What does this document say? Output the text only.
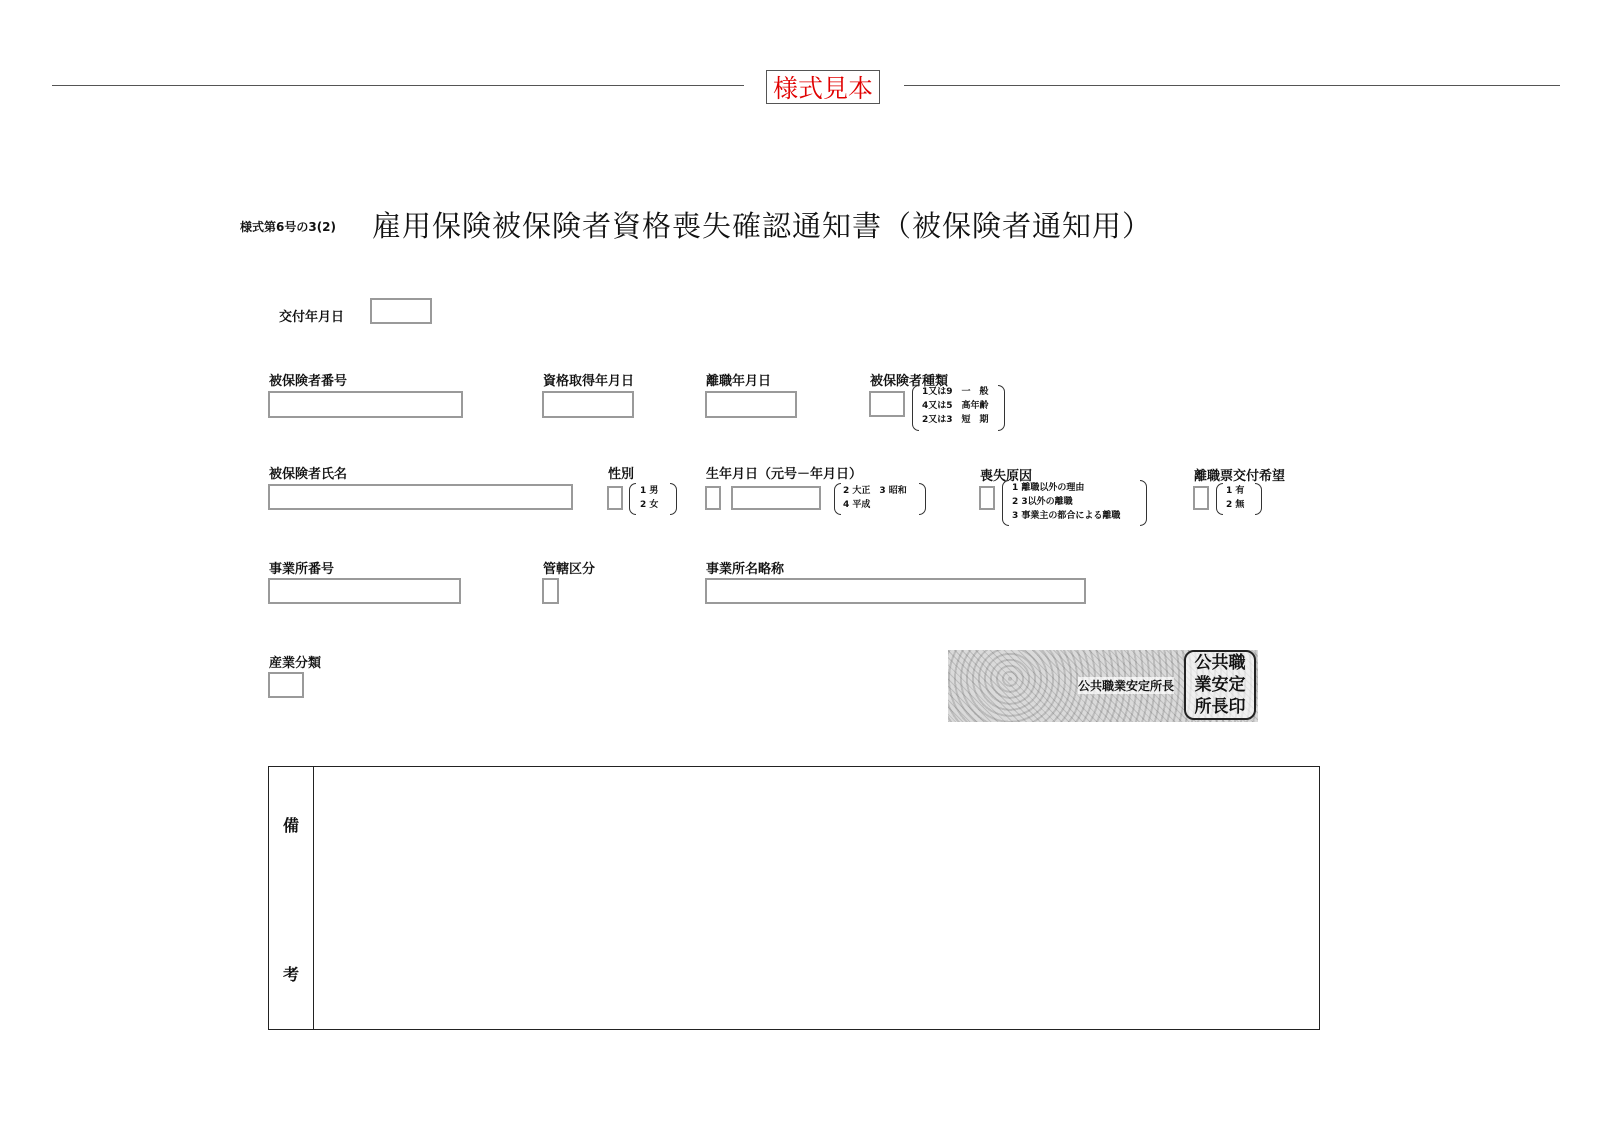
様式見本
様式第6号の3(2) 雇用保険被保険者資格喪失確認通知書（被保険者通知用）
交付年月日
被保険者番号	資格取得年月日	離職年月日	被保険者種類
1又は9　一　般
4又は5　高年齢
2又は3　短　期
被保険者氏名	性別
1 男
2 女
生年月日（元号－年月日）
2 大正　3 昭和
4 平成
喪失原因
1 離職以外の理由
2 3以外の離職
3 事業主の都合による離職
離職票交付希望
1 有
2 無
事業所番号	管轄区分	事業所名略称
産業分類
公共職業安定所長
公共職
業安定
所長印
備
考
